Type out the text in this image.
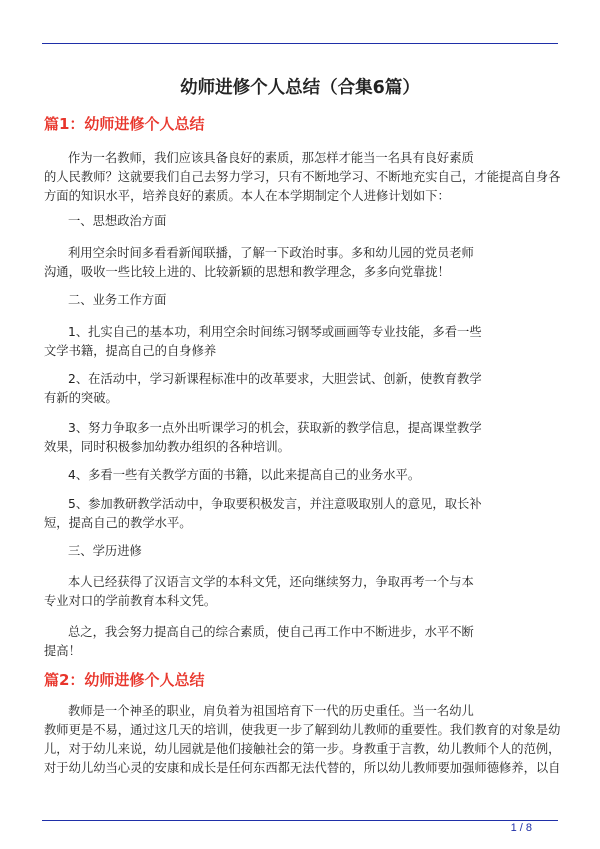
幼师进修个人总结（合集6篇）
篇1：幼师进修个人总结

作为一名教师，我们应该具备良好的素质，那怎样才能当一名具有良好素质

的人民教师？这就要我们自己去努力学习，只有不断地学习、不断地充实自己，才能提高自身各

方面的知识水平，培养良好的素质。本人在本学期制定个人进修计划如下：

一、思想政治方面

利用空余时间多看看新闻联播，了解一下政治时事。多和幼儿园的党员老师

沟通，吸收一些比较上进的、比较新颖的思想和教学理念，多多向党靠拢！

二、业务工作方面

1、扎实自己的基本功，利用空余时间练习钢琴或画画等专业技能，多看一些

文学书籍，提高自己的自身修养

2、在活动中，学习新课程标准中的改革要求，大胆尝试、创新，使教育教学

有新的突破。

3、努力争取多一点外出听课学习的机会，获取新的教学信息，提高课堂教学

效果，同时积极参加幼教办组织的各种培训。

4、多看一些有关教学方面的书籍，以此来提高自己的业务水平。

5、参加教研教学活动中，争取要积极发言，并注意吸取别人的意见，取长补

短，提高自己的教学水平。

三、学历进修

本人已经获得了汉语言文学的本科文凭，还向继续努力，争取再考一个与本

专业对口的学前教育本科文凭。

总之，我会努力提高自己的综合素质，使自己再工作中不断进步，水平不断

提高！

篇2：幼师进修个人总结

教师是一个神圣的职业，肩负着为祖国培育下一代的历史重任。当一名幼儿

教师更是不易，通过这几天的培训，使我更一步了解到幼儿教师的重要性。我们教育的对象是幼

儿，对于幼儿来说，幼儿园就是他们接触社会的第一步。身教重于言教，幼儿教师个人的范例，

对于幼儿幼当心灵的安康和成长是任何东西都无法代替的，所以幼儿教师要加强师德修养，以自

1 / 8
